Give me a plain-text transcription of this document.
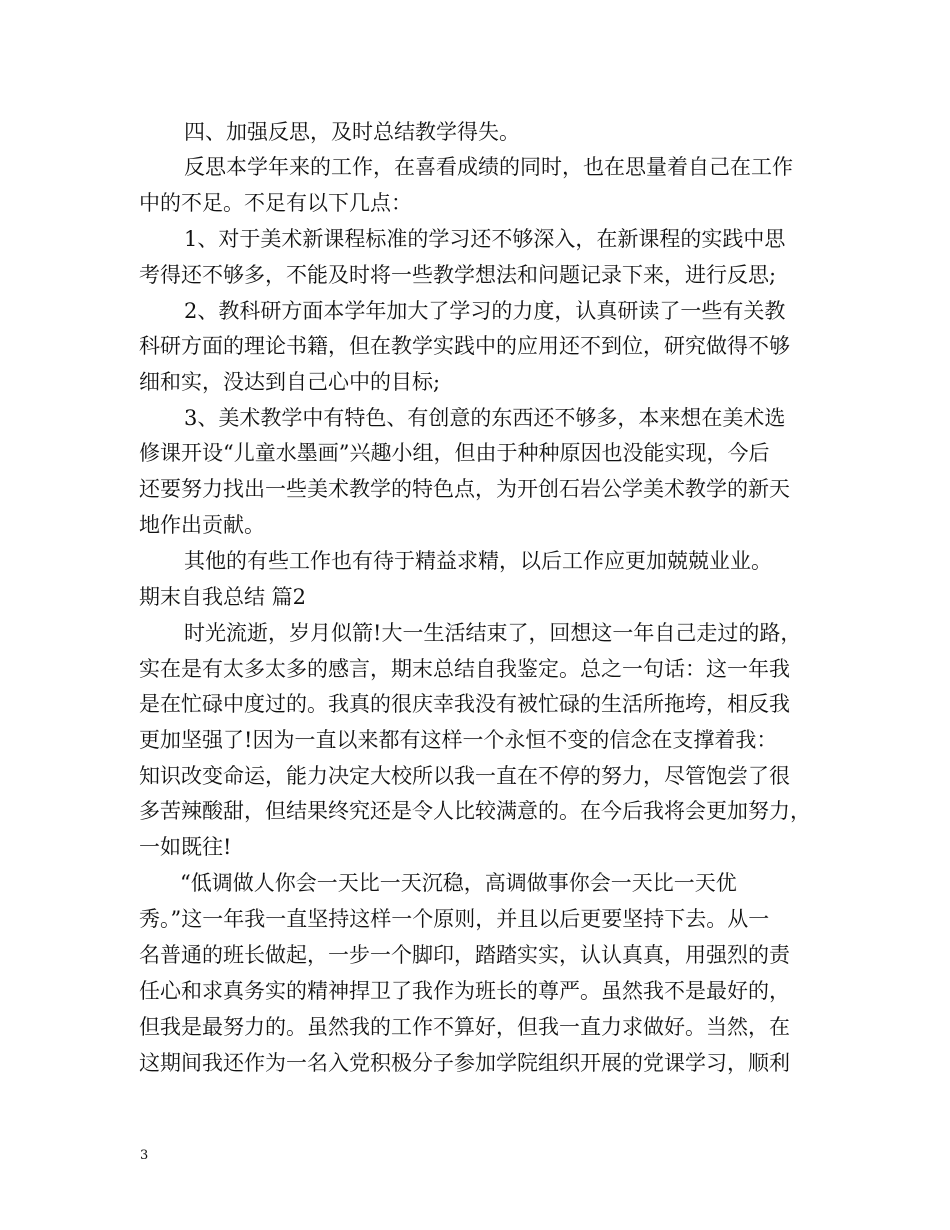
四、加强反思，及时总结教学得失。
反思本学年来的工作，在喜看成绩的同时，也在思量着自己在工作
中的不足。不足有以下几点：
1、对于美术新课程标准的学习还不够深入，在新课程的实践中思
考得还不够多，不能及时将一些教学想法和问题记录下来，进行反思;
2、教科研方面本学年加大了学习的力度，认真研读了一些有关教
科研方面的理论书籍，但在教学实践中的应用还不到位，研究做得不够
细和实，没达到自己心中的目标;
3、美术教学中有特色、有创意的东西还不够多，本来想在美术选
修课开设“儿童水墨画”兴趣小组，但由于种种原因也没能实现，今后
还要努力找出一些美术教学的特色点，为开创石岩公学美术教学的新天
地作出贡献。
其他的有些工作也有待于精益求精，以后工作应更加兢兢业业。
期末自我总结 篇2
时光流逝，岁月似箭!大一生活结束了，回想这一年自己走过的路，
实在是有太多太多的感言，期末总结自我鉴定。总之一句话：这一年我
是在忙碌中度过的。我真的很庆幸我没有被忙碌的生活所拖垮，相反我
更加坚强了!因为一直以来都有这样一个永恒不变的信念在支撑着我：
知识改变命运，能力决定大校所以我一直在不停的努力，尽管饱尝了很
多苦辣酸甜，但结果终究还是令人比较满意的。在今后我将会更加努力，
一如既往!
“低调做人你会一天比一天沉稳，高调做事你会一天比一天优
秀。”这一年我一直坚持这样一个原则，并且以后更要坚持下去。从一
名普通的班长做起，一步一个脚印，踏踏实实，认认真真，用强烈的责
任心和求真务实的精神捍卫了我作为班长的尊严。虽然我不是最好的，
但我是最努力的。虽然我的工作不算好，但我一直力求做好。当然，在
这期间我还作为一名入党积极分子参加学院组织开展的党课学习，顺利
3
